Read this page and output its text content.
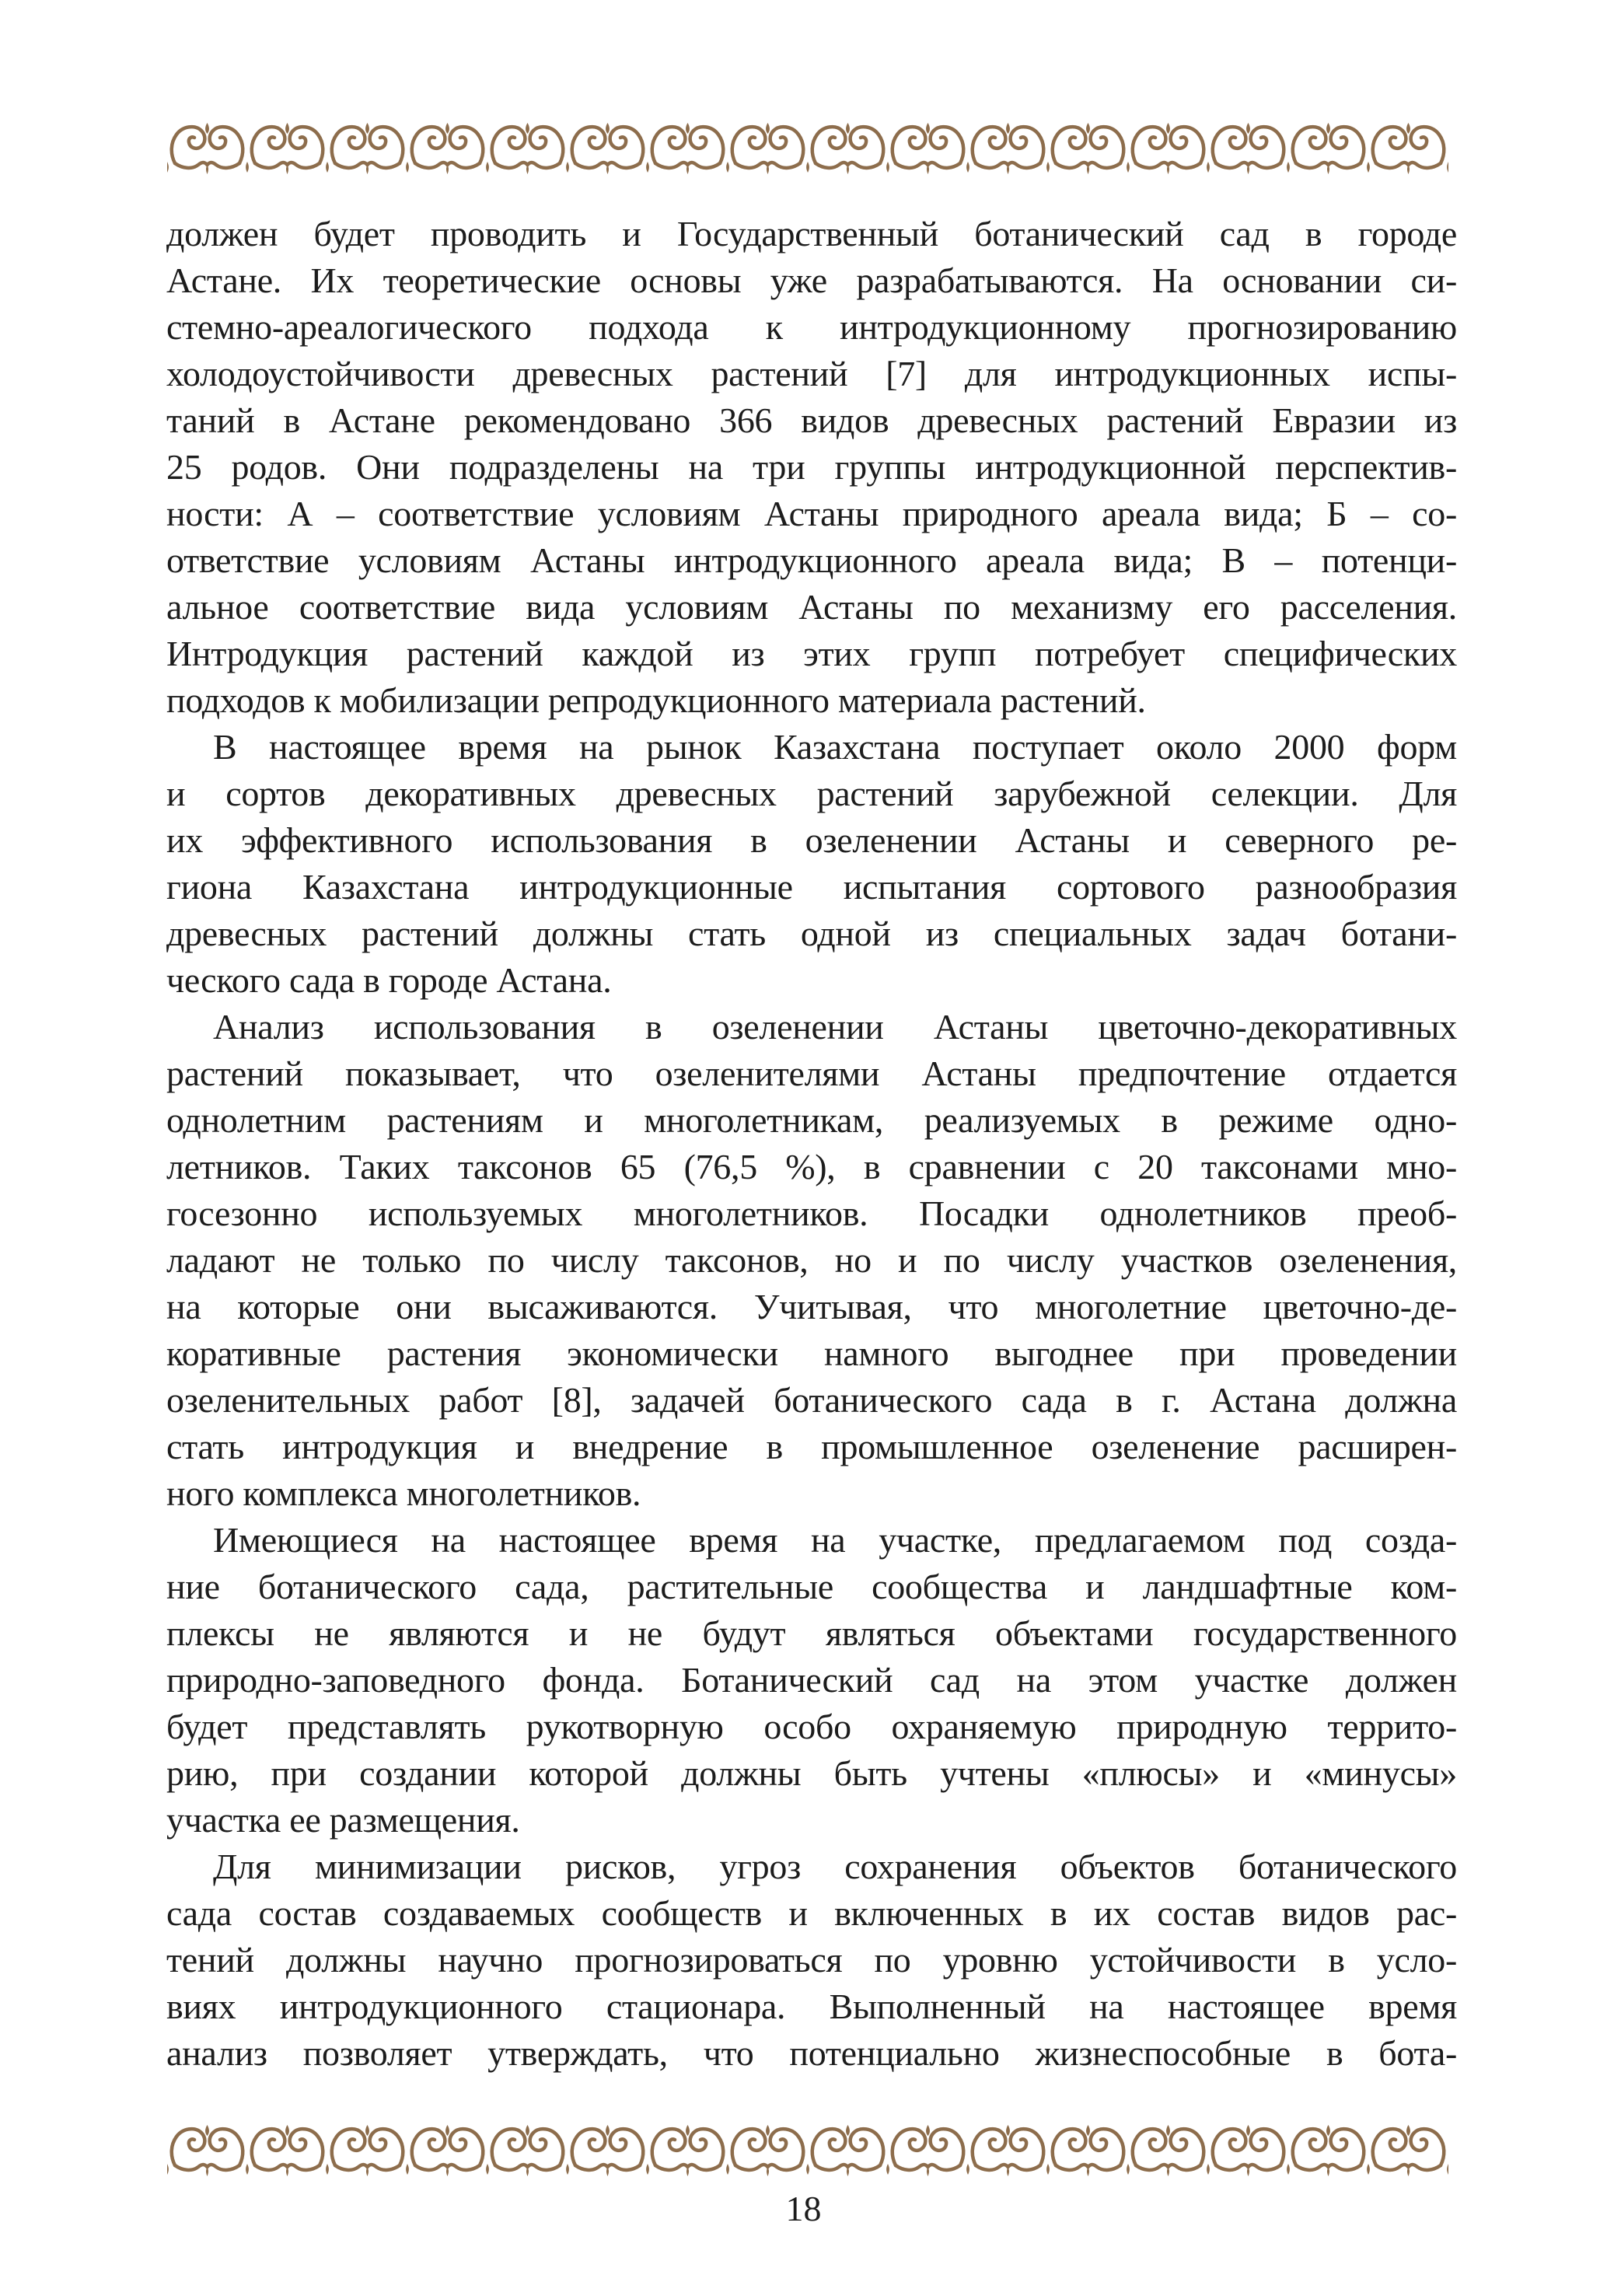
должен будет проводить и Государственный ботанический сад в городе
Астане. Их теоретические основы уже разрабатываются. На основании си-
стемно-ареалогического подхода к интродукционному прогнозированию
холодоустойчивости древесных растений [7] для интродукционных испы-
таний в Астане рекомендовано 366 видов древесных растений Евразии из
25 родов. Они подразделены на три группы интродукционной перспектив-
ности: А – соответствие условиям Астаны природного ареала вида; Б – со-
ответствие условиям Астаны интродукционного ареала вида; В – потенци-
альное соответствие вида условиям Астаны по механизму его расселения.
Интродукция растений каждой из этих групп потребует специфических
подходов к мобилизации репродукционного материала растений.
В настоящее время на рынок Казахстана поступает около 2000 форм
и сортов декоративных древесных растений зарубежной селекции. Для
их эффективного использования в озеленении Астаны и северного ре-
гиона Казахстана интродукционные испытания сортового разнообразия
древесных растений должны стать одной из специальных задач ботани-
ческого сада в городе Астана.
Анализ использования в озеленении Астаны цветочно-декоративных
растений показывает, что озеленителями Астаны предпочтение отдается
однолетним растениям и многолетникам, реализуемых в режиме одно-
летников. Таких таксонов 65 (76,5 %), в сравнении с 20 таксонами мно-
госезонно используемых многолетников. Посадки однолетников преоб-
ладают не только по числу таксонов, но и по числу участков озеленения,
на которые они высаживаются. Учитывая, что многолетние цветочно-де-
коративные растения экономически намного выгоднее при проведении
озеленительных работ [8], задачей ботанического сада в г. Астана должна
стать интродукция и внедрение в промышленное озеленение расширен-
ного комплекса многолетников.
Имеющиеся на настоящее время на участке, предлагаемом под созда-
ние ботанического сада, растительные сообщества и ландшафтные ком-
плексы не являются и не будут являться объектами государственного
природно-заповедного фонда. Ботанический сад на этом участке должен
будет представлять рукотворную особо охраняемую природную террито-
рию, при создании которой должны быть учтены «плюсы» и «минусы»
участка ее размещения.
Для минимизации рисков, угроз сохранения объектов ботанического
сада состав создаваемых сообществ и включенных в их состав видов рас-
тений должны научно прогнозироваться по уровню устойчивости в усло-
виях интродукционного стационара. Выполненный на настоящее время
анализ позволяет утверждать, что потенциально жизнеспособные в бота-
18
